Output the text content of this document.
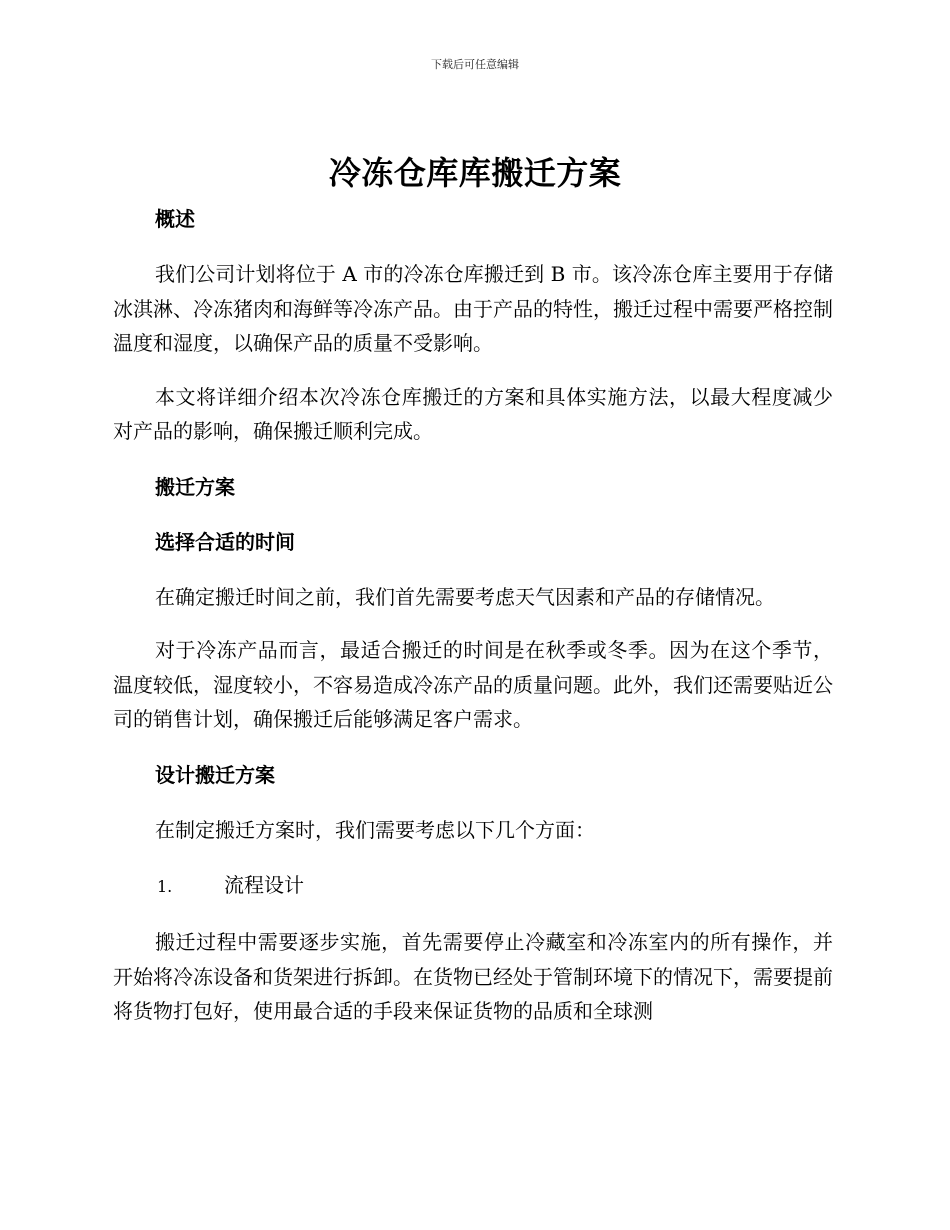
下载后可任意编辑
冷冻仓库库搬迁方案

概述

我们公司计划将位于 A 市的冷冻仓库搬迁到 B 市。该冷冻仓库主要用于存储冰淇淋、冷冻猪肉和海鲜等冷冻产品。由于产品的特性，搬迁过程中需要严格控制温度和湿度，以确保产品的质量不受影响。

本文将详细介绍本次冷冻仓库搬迁的方案和具体实施方法，以最大程度减少对产品的影响，确保搬迁顺利完成。

搬迁方案

选择合适的时间

在确定搬迁时间之前，我们首先需要考虑天气因素和产品的存储情况。

对于冷冻产品而言，最适合搬迁的时间是在秋季或冬季。因为在这个季节，温度较低，湿度较小，不容易造成冷冻产品的质量问题。此外，我们还需要贴近公司的销售计划，确保搬迁后能够满足客户需求。

设计搬迁方案

在制定搬迁方案时，我们需要考虑以下几个方面：

1.	流程设计

搬迁过程中需要逐步实施，首先需要停止冷藏室和冷冻室内的所有操作，并开始将冷冻设备和货架进行拆卸。在货物已经处于管制环境下的情况下，需要提前将货物打包好，使用最合适的手段来保证货物的品质和全球测
